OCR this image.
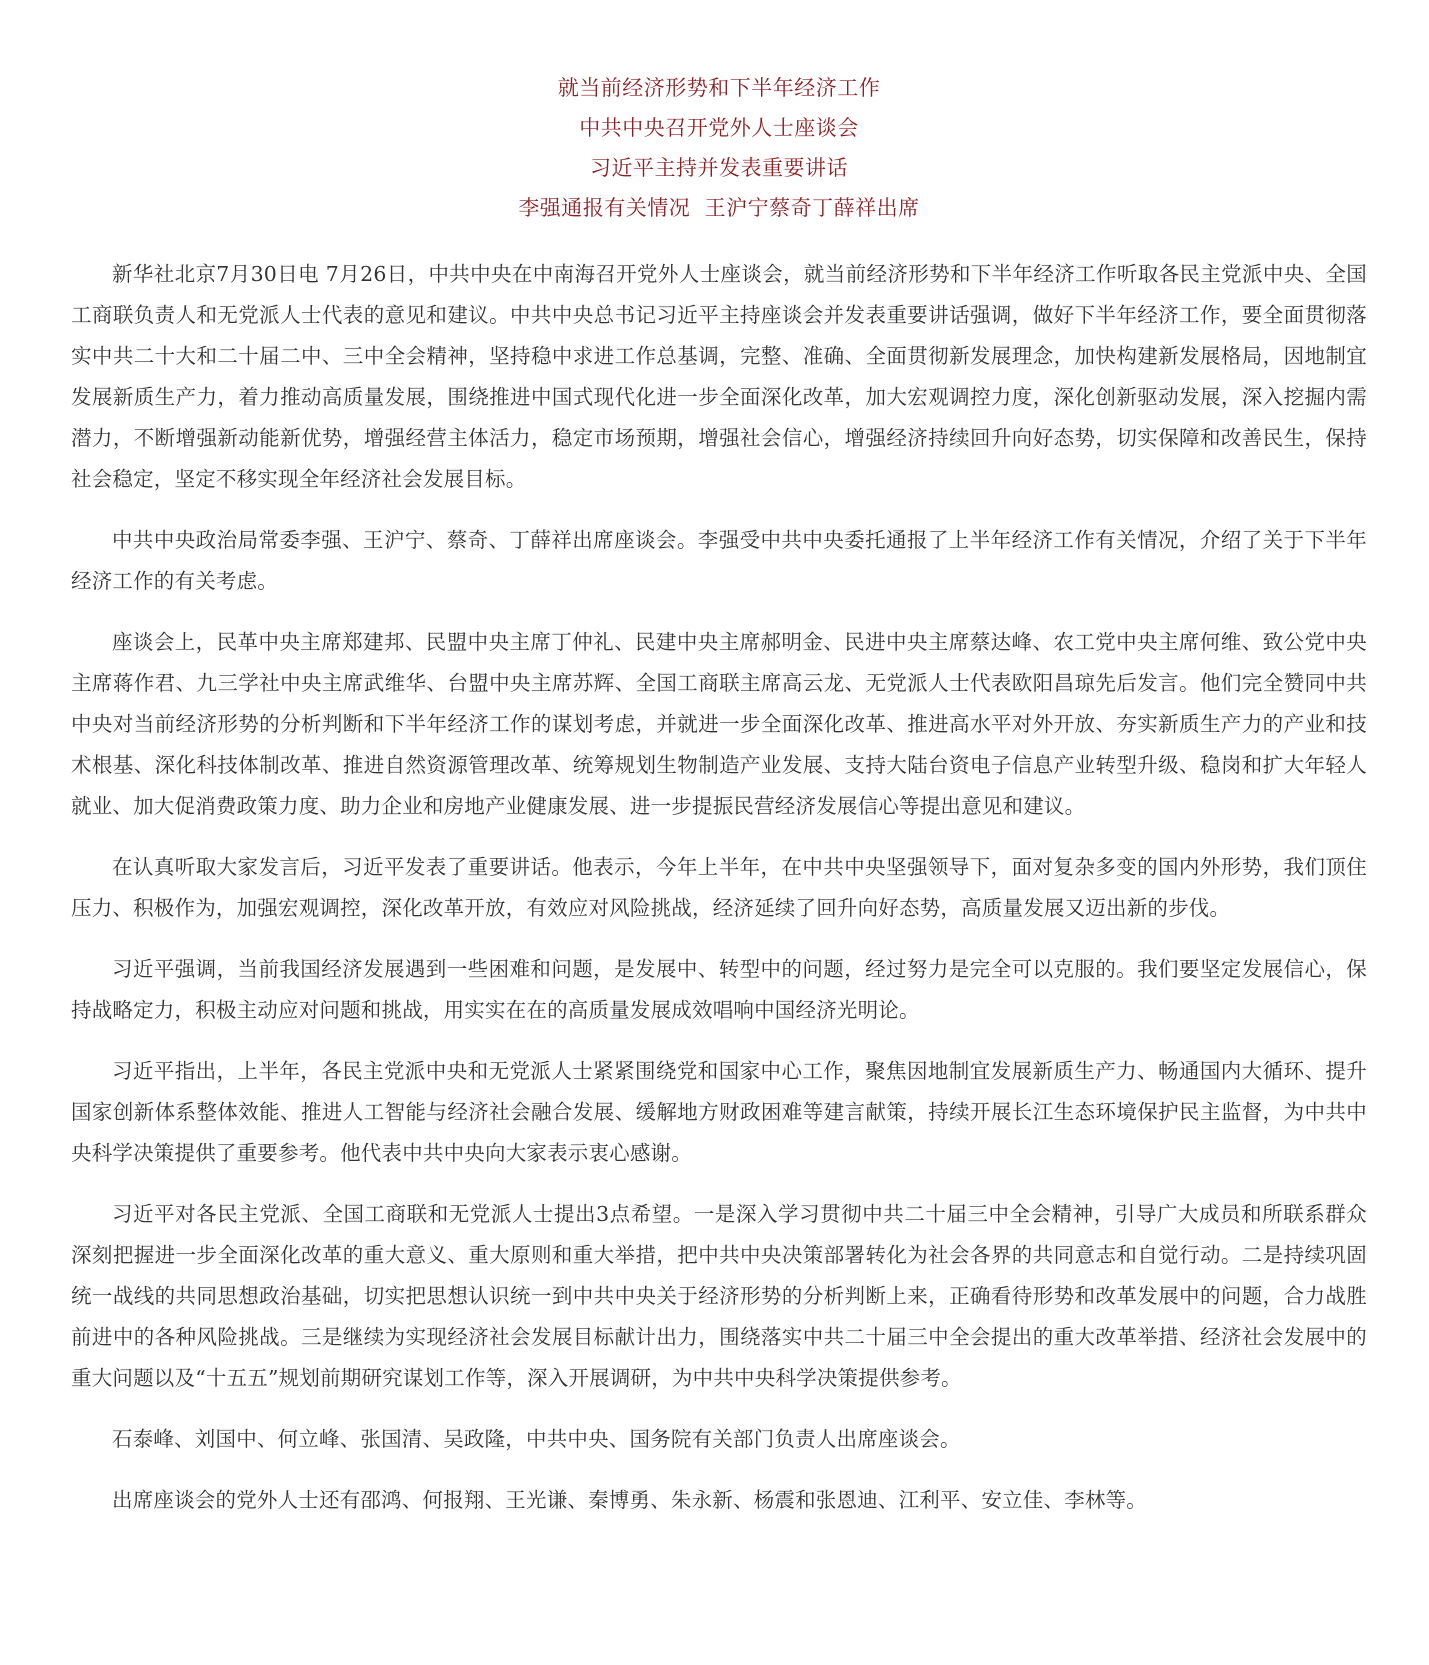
就当前经济形势和下半年经济工作
中共中央召开党外人士座谈会
习近平主持并发表重要讲话
李强通报有关情况  王沪宁蔡奇丁薛祥出席

新华社北京7月30日电 7月26日，中共中央在中南海召开党外人士座谈会，就当前经济形势和下半年经济工作听取各民主党派中央、全国工商联负责人和无党派人士代表的意见和建议。中共中央总书记习近平主持座谈会并发表重要讲话强调，做好下半年经济工作，要全面贯彻落实中共二十大和二十届二中、三中全会精神，坚持稳中求进工作总基调，完整、准确、全面贯彻新发展理念，加快构建新发展格局，因地制宜发展新质生产力，着力推动高质量发展，围绕推进中国式现代化进一步全面深化改革，加大宏观调控力度，深化创新驱动发展，深入挖掘内需潜力，不断增强新动能新优势，增强经营主体活力，稳定市场预期，增强社会信心，增强经济持续回升向好态势，切实保障和改善民生，保持社会稳定，坚定不移实现全年经济社会发展目标。

中共中央政治局常委李强、王沪宁、蔡奇、丁薛祥出席座谈会。李强受中共中央委托通报了上半年经济工作有关情况，介绍了关于下半年经济工作的有关考虑。

座谈会上，民革中央主席郑建邦、民盟中央主席丁仲礼、民建中央主席郝明金、民进中央主席蔡达峰、农工党中央主席何维、致公党中央主席蒋作君、九三学社中央主席武维华、台盟中央主席苏辉、全国工商联主席高云龙、无党派人士代表欧阳昌琼先后发言。他们完全赞同中共中央对当前经济形势的分析判断和下半年经济工作的谋划考虑，并就进一步全面深化改革、推进高水平对外开放、夯实新质生产力的产业和技术根基、深化科技体制改革、推进自然资源管理改革、统筹规划生物制造产业发展、支持大陆台资电子信息产业转型升级、稳岗和扩大年轻人就业、加大促消费政策力度、助力企业和房地产业健康发展、进一步提振民营经济发展信心等提出意见和建议。

在认真听取大家发言后，习近平发表了重要讲话。他表示，今年上半年，在中共中央坚强领导下，面对复杂多变的国内外形势，我们顶住压力、积极作为，加强宏观调控，深化改革开放，有效应对风险挑战，经济延续了回升向好态势，高质量发展又迈出新的步伐。

习近平强调，当前我国经济发展遇到一些困难和问题，是发展中、转型中的问题，经过努力是完全可以克服的。我们要坚定发展信心，保持战略定力，积极主动应对问题和挑战，用实实在在的高质量发展成效唱响中国经济光明论。

习近平指出，上半年，各民主党派中央和无党派人士紧紧围绕党和国家中心工作，聚焦因地制宜发展新质生产力、畅通国内大循环、提升国家创新体系整体效能、推进人工智能与经济社会融合发展、缓解地方财政困难等建言献策，持续开展长江生态环境保护民主监督，为中共中央科学决策提供了重要参考。他代表中共中央向大家表示衷心感谢。

习近平对各民主党派、全国工商联和无党派人士提出3点希望。一是深入学习贯彻中共二十届三中全会精神，引导广大成员和所联系群众深刻把握进一步全面深化改革的重大意义、重大原则和重大举措，把中共中央决策部署转化为社会各界的共同意志和自觉行动。二是持续巩固统一战线的共同思想政治基础，切实把思想认识统一到中共中央关于经济形势的分析判断上来，正确看待形势和改革发展中的问题，合力战胜前进中的各种风险挑战。三是继续为实现经济社会发展目标献计出力，围绕落实中共二十届三中全会提出的重大改革举措、经济社会发展中的重大问题以及“十五五”规划前期研究谋划工作等，深入开展调研，为中共中央科学决策提供参考。

石泰峰、刘国中、何立峰、张国清、吴政隆，中共中央、国务院有关部门负责人出席座谈会。

出席座谈会的党外人士还有邵鸿、何报翔、王光谦、秦博勇、朱永新、杨震和张恩迪、江利平、安立佳、李林等。
